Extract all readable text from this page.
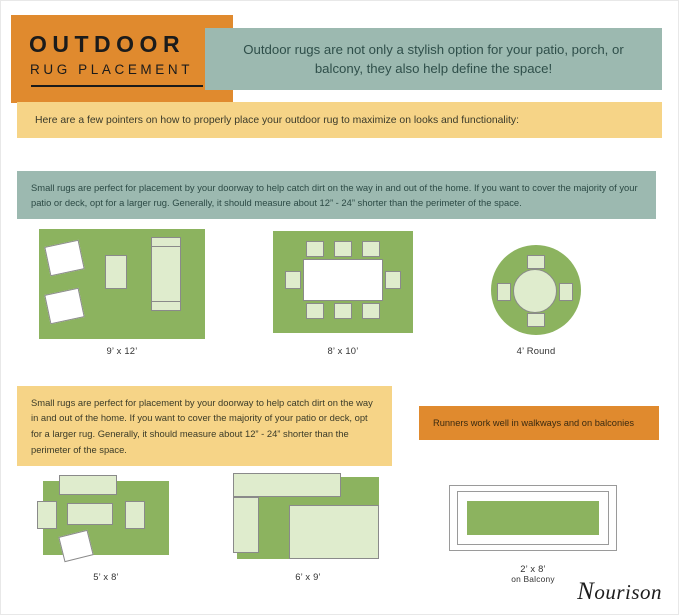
OUTDOOR
RUG PLACEMENT

Outdoor rugs are not only a stylish option for your patio, porch, or balcony, they also help define the space!

Here are a few pointers on how to properly place your outdoor rug to maximize on looks and functionality:

Small rugs are perfect for placement by your doorway to help catch dirt on the way in and out of the home. If you want to cover the majority of your patio or deck, opt for a larger rug. Generally, it should measure about 12” - 24” shorter than the perimeter of the space.

9’ x 12’	8’ x 10’	4’ Round

Small rugs are perfect for placement by your doorway to help catch dirt on the way in and out of the home. If you want to cover the majority of your patio or deck, opt for a larger rug. Generally, it should measure about 12” - 24” shorter than the perimeter of the space.

Runners work well in walkways and on balconies

5’ x 8’	6’ x 9’
2’ x 8’
on Balcony Nourison
